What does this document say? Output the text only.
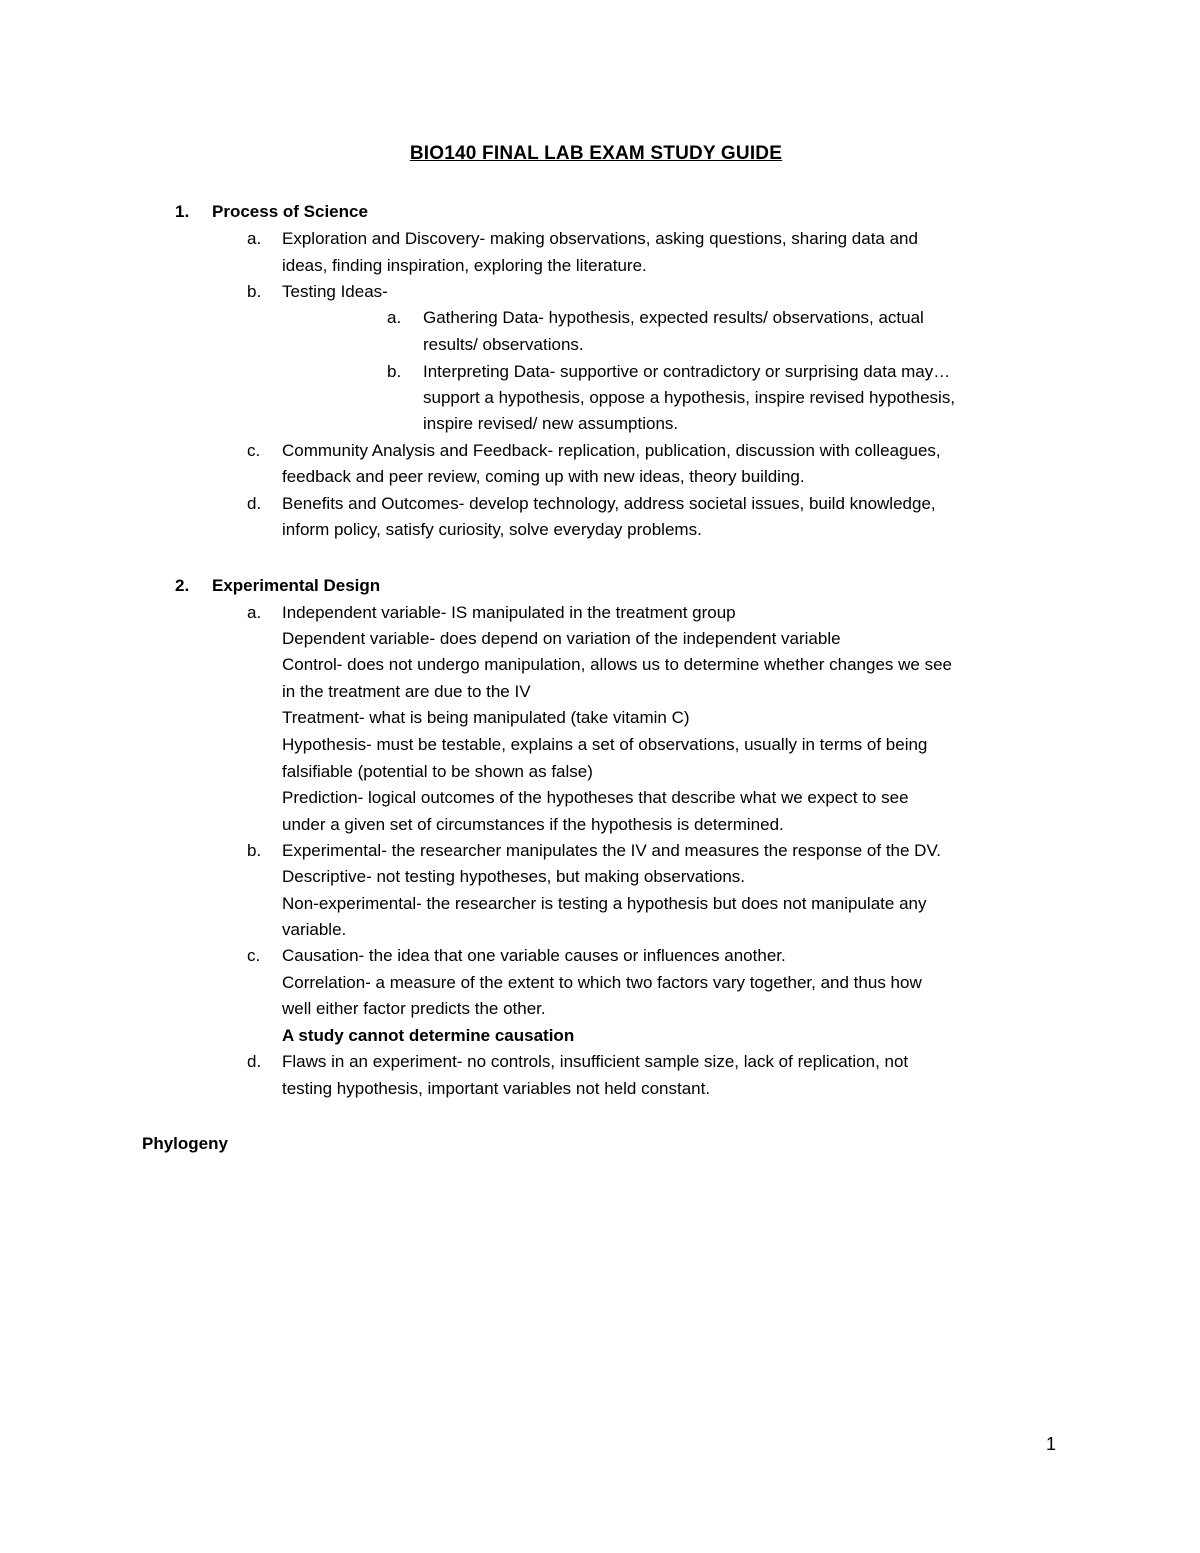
BIO140 FINAL LAB EXAM STUDY GUIDE
1. Process of Science
a. Exploration and Discovery- making observations, asking questions, sharing data and
ideas, finding inspiration, exploring the literature.
b. Testing Ideas-
a. Gathering Data- hypothesis, expected results/ observations, actual
results/ observations.
b. Interpreting Data- supportive or contradictory or surprising data may…
support a hypothesis, oppose a hypothesis, inspire revised hypothesis,
inspire revised/ new assumptions.
c. Community Analysis and Feedback- replication, publication, discussion with colleagues,
feedback and peer review, coming up with new ideas, theory building.
d. Benefits and Outcomes- develop technology, address societal issues, build knowledge,
inform policy, satisfy curiosity, solve everyday problems.
2. Experimental Design
a. Independent variable- IS manipulated in the treatment group
Dependent variable- does depend on variation of the independent variable
Control- does not undergo manipulation, allows us to determine whether changes we see
in the treatment are due to the IV
Treatment- what is being manipulated (take vitamin C)
Hypothesis- must be testable, explains a set of observations, usually in terms of being
falsifiable (potential to be shown as false)
Prediction- logical outcomes of the hypotheses that describe what we expect to see
under a given set of circumstances if the hypothesis is determined.
b. Experimental- the researcher manipulates the IV and measures the response of the DV.
Descriptive- not testing hypotheses, but making observations.
Non-experimental- the researcher is testing a hypothesis but does not manipulate any
variable.
c. Causation- the idea that one variable causes or influences another.
Correlation- a measure of the extent to which two factors vary together, and thus how
well either factor predicts the other.
A study cannot determine causation
d. Flaws in an experiment- no controls, insufficient sample size, lack of replication, not
testing hypothesis, important variables not held constant.
Phylogeny
1
